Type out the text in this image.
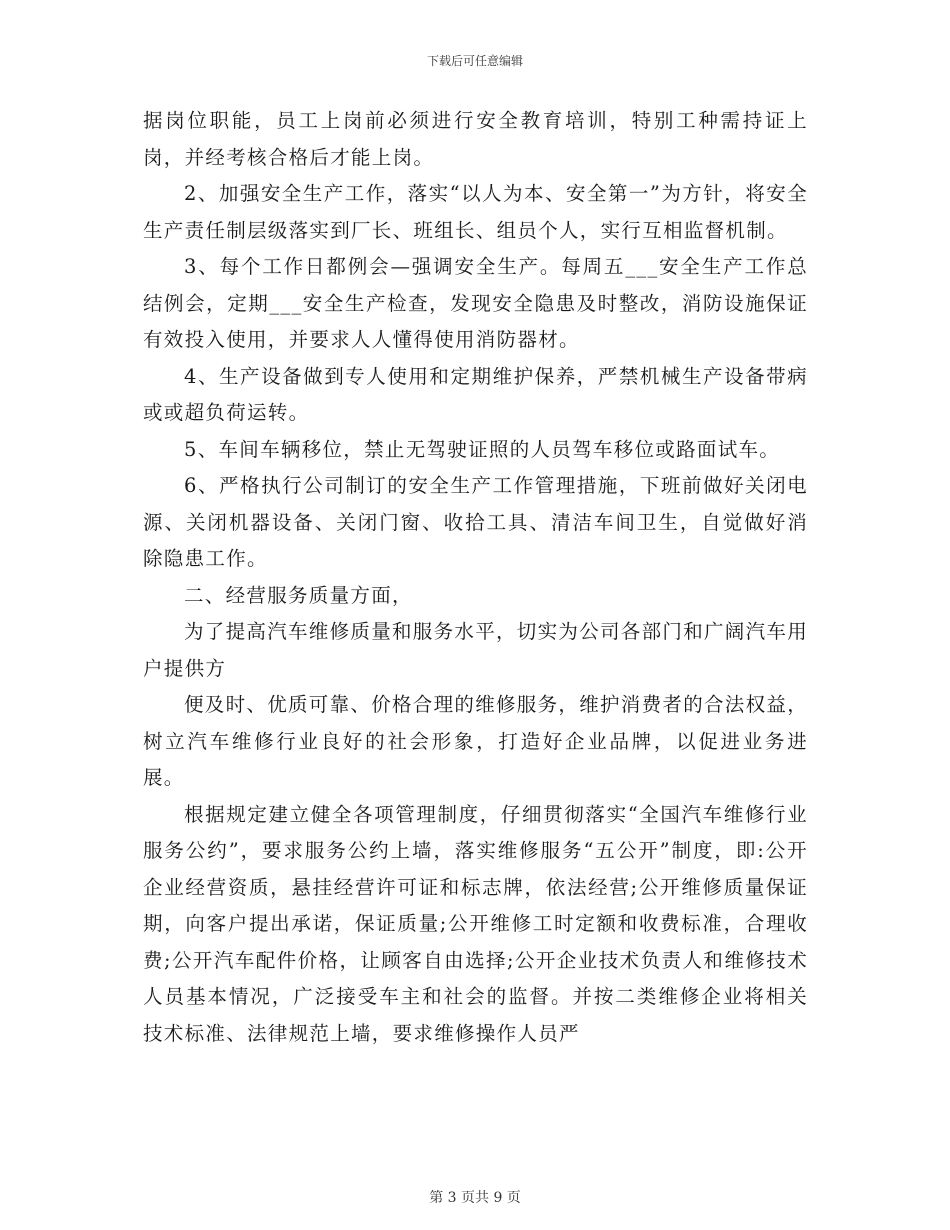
下载后可任意编辑

据岗位职能，员工上岗前必须进行安全教育培训，特别工种需持证上岗，并经考核合格后才能上岗。

2、加强安全生产工作，落实“以人为本、安全第一”为方针，将安全生产责任制层级落实到厂长、班组长、组员个人，实行互相监督机制。

3、每个工作日都例会—强调安全生产。每周五___安全生产工作总结例会，定期___安全生产检查，发现安全隐患及时整改，消防设施保证有效投入使用，并要求人人懂得使用消防器材。

4、生产设备做到专人使用和定期维护保养，严禁机械生产设备带病或或超负荷运转。

5、车间车辆移位，禁止无驾驶证照的人员驾车移位或路面试车。

6、严格执行公司制订的安全生产工作管理措施，下班前做好关闭电源、关闭机器设备、关闭门窗、收拾工具、清洁车间卫生，自觉做好消除隐患工作。

二、经营服务质量方面，

为了提高汽车维修质量和服务水平，切实为公司各部门和广阔汽车用户提供方

便及时、优质可靠、价格合理的维修服务，维护消费者的合法权益，树立汽车维修行业良好的社会形象，打造好企业品牌，以促进业务进展。

根据规定建立健全各项管理制度，仔细贯彻落实“全国汽车维修行业服务公约”，要求服务公约上墙，落实维修服务“五公开”制度，即:公开企业经营资质，悬挂经营许可证和标志牌，依法经营;公开维修质量保证期，向客户提出承诺，保证质量;公开维修工时定额和收费标准，合理收费;公开汽车配件价格，让顾客自由选择;公开企业技术负责人和维修技术人员基本情况，广泛接受车主和社会的监督。并按二类维修企业将相关技术标准、法律规范上墙，要求维修操作人员严

第 3 页共 9 页
